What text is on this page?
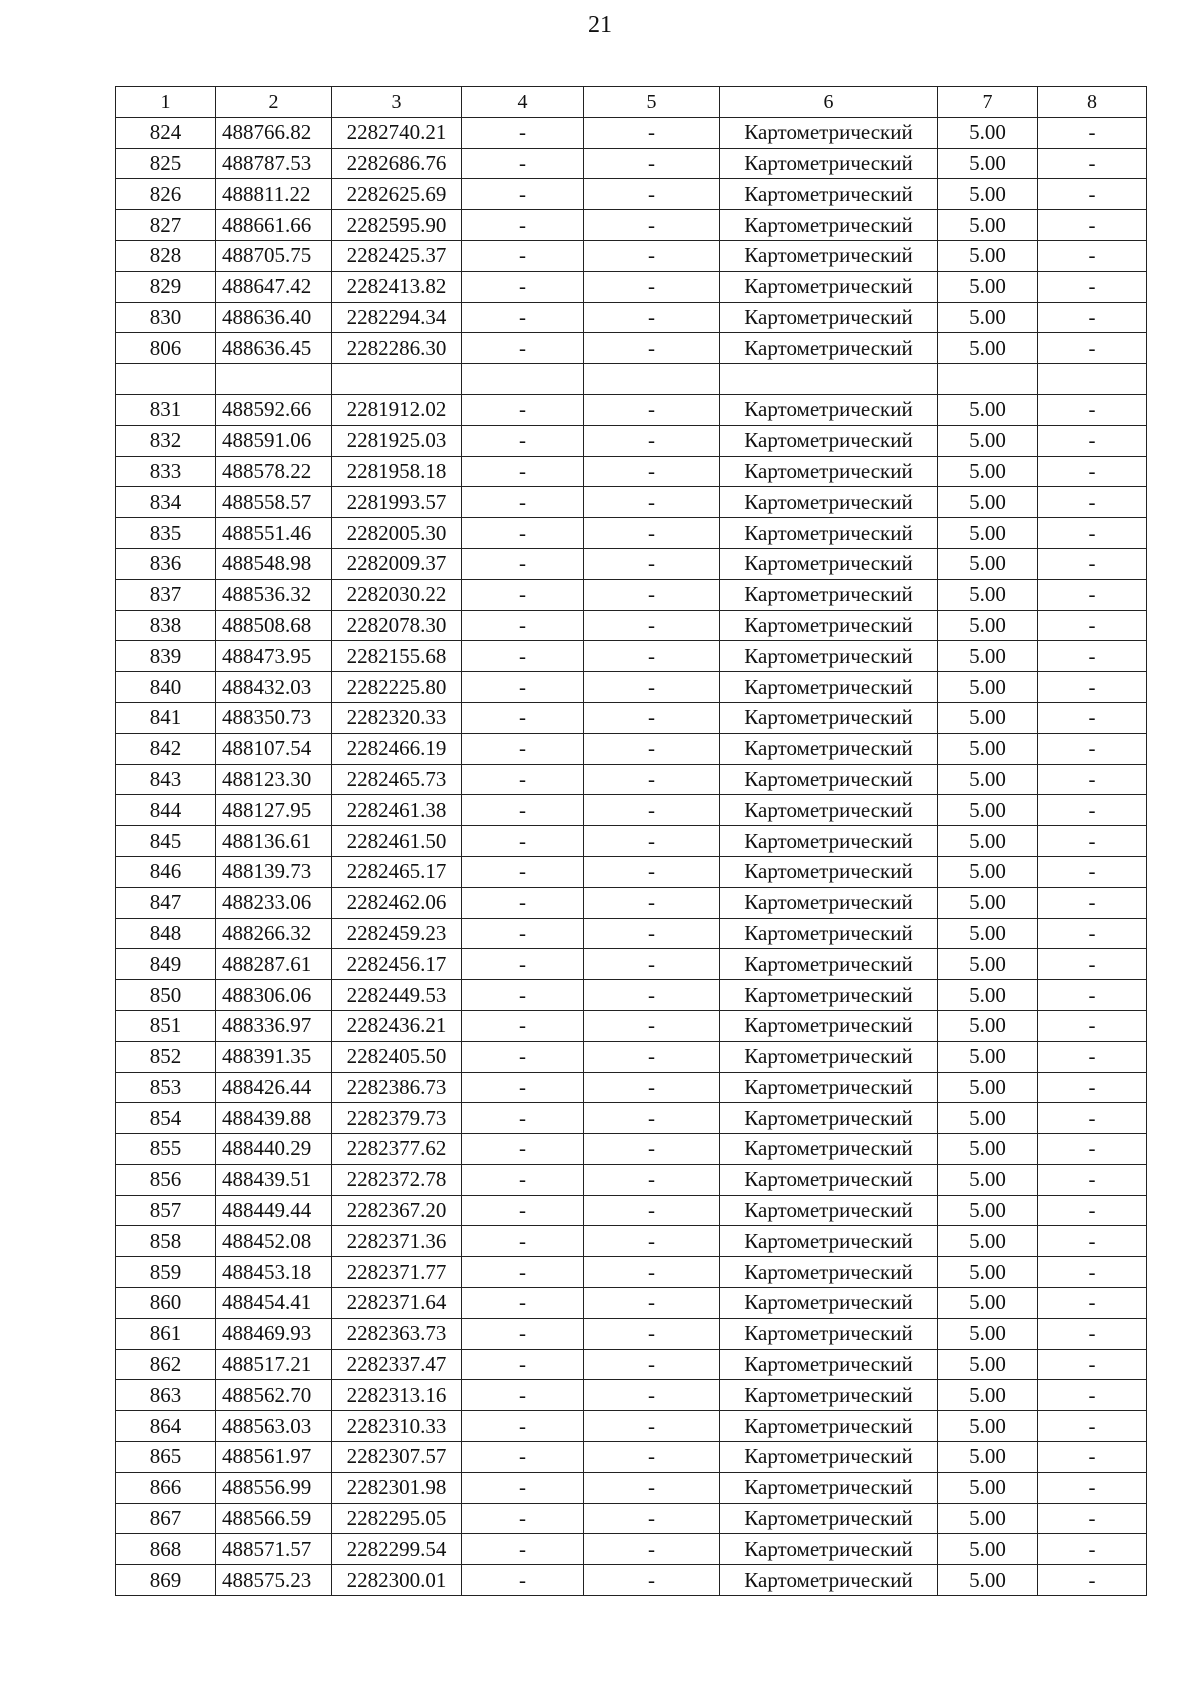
21
1	2	3	4	5	6	7	8
824	488766.82	2282740.21	-	-	Картометрический	5.00	-
825	488787.53	2282686.76	-	-	Картометрический	5.00	-
826	488811.22	2282625.69	-	-	Картометрический	5.00	-
827	488661.66	2282595.90	-	-	Картометрический	5.00	-
828	488705.75	2282425.37	-	-	Картометрический	5.00	-
829	488647.42	2282413.82	-	-	Картометрический	5.00	-
830	488636.40	2282294.34	-	-	Картометрический	5.00	-
806	488636.45	2282286.30	-	-	Картометрический	5.00	-

831	488592.66	2281912.02	-	-	Картометрический	5.00	-
832	488591.06	2281925.03	-	-	Картометрический	5.00	-
833	488578.22	2281958.18	-	-	Картометрический	5.00	-
834	488558.57	2281993.57	-	-	Картометрический	5.00	-
835	488551.46	2282005.30	-	-	Картометрический	5.00	-
836	488548.98	2282009.37	-	-	Картометрический	5.00	-
837	488536.32	2282030.22	-	-	Картометрический	5.00	-
838	488508.68	2282078.30	-	-	Картометрический	5.00	-
839	488473.95	2282155.68	-	-	Картометрический	5.00	-
840	488432.03	2282225.80	-	-	Картометрический	5.00	-
841	488350.73	2282320.33	-	-	Картометрический	5.00	-
842	488107.54	2282466.19	-	-	Картометрический	5.00	-
843	488123.30	2282465.73	-	-	Картометрический	5.00	-
844	488127.95	2282461.38	-	-	Картометрический	5.00	-
845	488136.61	2282461.50	-	-	Картометрический	5.00	-
846	488139.73	2282465.17	-	-	Картометрический	5.00	-
847	488233.06	2282462.06	-	-	Картометрический	5.00	-
848	488266.32	2282459.23	-	-	Картометрический	5.00	-
849	488287.61	2282456.17	-	-	Картометрический	5.00	-
850	488306.06	2282449.53	-	-	Картометрический	5.00	-
851	488336.97	2282436.21	-	-	Картометрический	5.00	-
852	488391.35	2282405.50	-	-	Картометрический	5.00	-
853	488426.44	2282386.73	-	-	Картометрический	5.00	-
854	488439.88	2282379.73	-	-	Картометрический	5.00	-
855	488440.29	2282377.62	-	-	Картометрический	5.00	-
856	488439.51	2282372.78	-	-	Картометрический	5.00	-
857	488449.44	2282367.20	-	-	Картометрический	5.00	-
858	488452.08	2282371.36	-	-	Картометрический	5.00	-
859	488453.18	2282371.77	-	-	Картометрический	5.00	-
860	488454.41	2282371.64	-	-	Картометрический	5.00	-
861	488469.93	2282363.73	-	-	Картометрический	5.00	-
862	488517.21	2282337.47	-	-	Картометрический	5.00	-
863	488562.70	2282313.16	-	-	Картометрический	5.00	-
864	488563.03	2282310.33	-	-	Картометрический	5.00	-
865	488561.97	2282307.57	-	-	Картометрический	5.00	-
866	488556.99	2282301.98	-	-	Картометрический	5.00	-
867	488566.59	2282295.05	-	-	Картометрический	5.00	-
868	488571.57	2282299.54	-	-	Картометрический	5.00	-
869	488575.23	2282300.01	-	-	Картометрический	5.00	-
